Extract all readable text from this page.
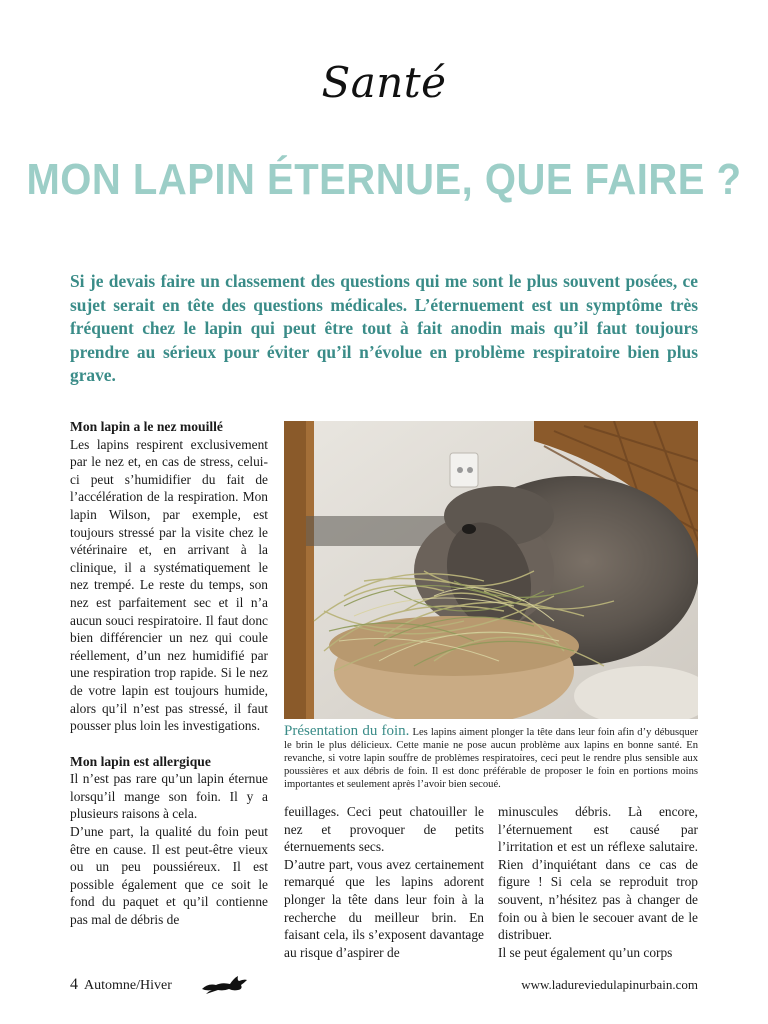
Santé
MON LAPIN ÉTERNUE, QUE FAIRE ?

Si je devais faire un classement des questions qui me sont le plus souvent posées, ce sujet serait en tête des questions médicales. L’éternuement est un symptôme très fréquent chez le lapin qui peut être tout à fait anodin mais qu’il faut toujours prendre au sérieux pour éviter qu’il n’évolue en problème respiratoire bien plus grave.

Mon lapin a le nez mouillé

Les lapins respirent exclusivement par le nez et, en cas de stress, celui-ci peut s’humidifier du fait de l’accélération de la respiration. Mon lapin Wilson, par exemple, est toujours stressé par la visite chez le vétérinaire et, en arrivant à la clinique, il a systématiquement le nez trempé. Le reste du temps, son nez est parfaitement sec et il n’a aucun souci respiratoire. Il faut donc bien différencier un nez qui coule réellement, d’un nez humidifié par une respiration trop rapide. Si le nez de votre lapin est toujours humide, alors qu’il n’est pas stressé, il faut pousser plus loin les investigations.

Mon lapin est allergique

Il n’est pas rare qu’un lapin éternue lorsqu’il mange son foin. Il y a plusieurs raisons à cela.

D’une part, la qualité du foin peut être en cause. Il est peut-être vieux ou un peu poussiéreux. Il est possible également que ce soit le fond du paquet et qu’il contienne pas mal de débris de

Présentation du foin. Les lapins aiment plonger la tête dans leur foin afin d’y débusquer le brin le plus délicieux. Cette manie ne pose aucun problème aux lapins en bonne santé. En revanche, si votre lapin souffre de problèmes respiratoires, ceci peut le rendre plus sensible aux poussières et aux débris de foin. Il est donc préférable de proposer le foin en portions moins importantes et seulement après l’avoir bien secoué.

feuillages. Ceci peut chatouiller le nez et provoquer de petits éternuements secs.

D’autre part, vous avez certainement remarqué que les lapins adorent plonger la tête dans leur foin à la recherche du meilleur brin. En faisant cela, ils s’exposent davantage au risque d’aspirer de

minuscules débris. Là encore, l’éternuement est causé par l’irritation et est un réflexe salutaire. Rien d’inquiétant dans ce cas de figure ! Si cela se reproduit trop souvent, n’hésitez pas à changer de foin ou à bien le secouer avant de le distribuer.

Il se peut également qu’un corps

4 Automne/Hiver	www.ladureviedulapinurbain.com
